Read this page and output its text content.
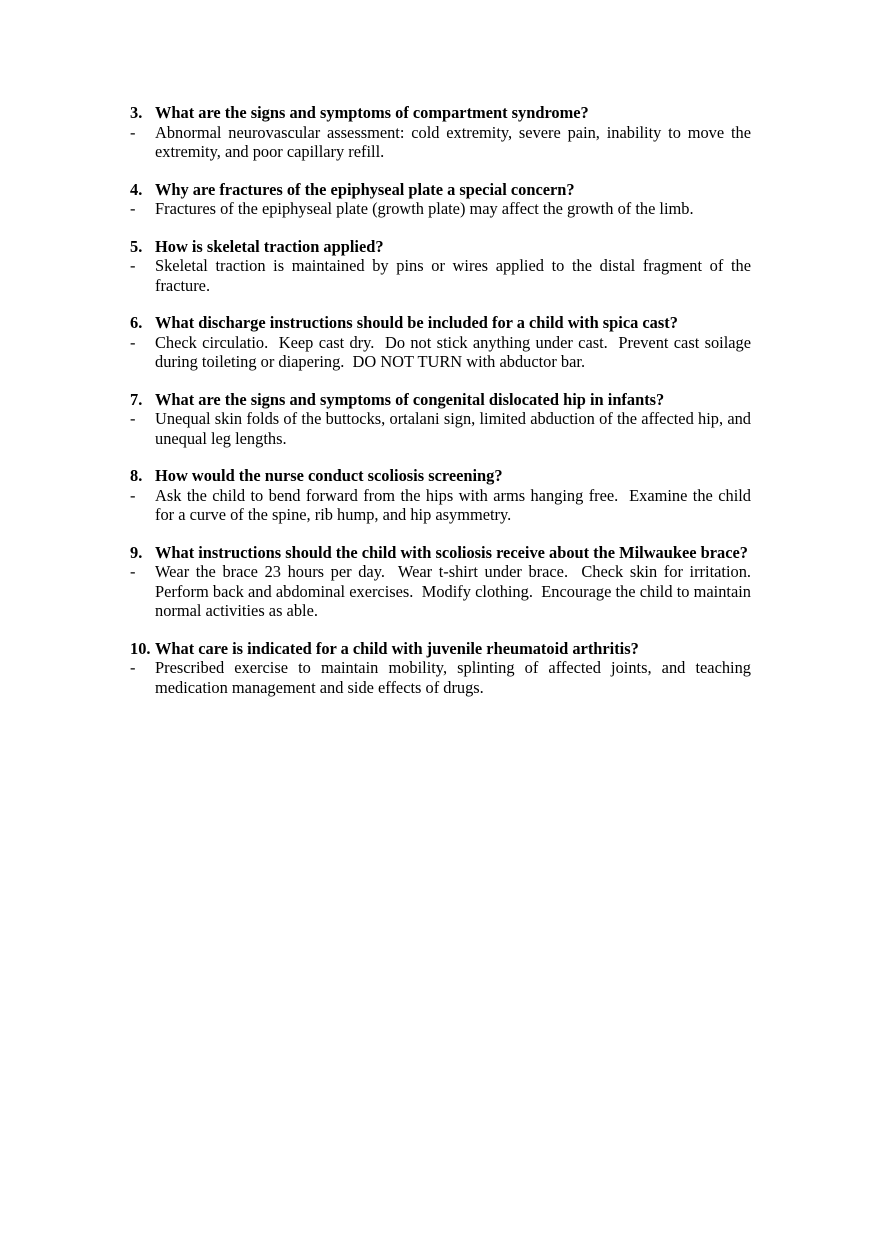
3. What are the signs and symptoms of compartment syndrome?
-	Abnormal neurovascular assessment: cold extremity, severe pain, inability to move the extremity, and poor capillary refill.
4. Why are fractures of the epiphyseal plate a special concern?
-	Fractures of the epiphyseal plate (growth plate) may affect the growth of the limb.
5. How is skeletal traction applied?
-	Skeletal traction is maintained by pins or wires applied to the distal fragment of the fracture.
6. What discharge instructions should be included for a child with spica cast?
-	Check circulatio.  Keep cast dry.  Do not stick anything under cast.  Prevent cast soilage during toileting or diapering.  DO NOT TURN with abductor bar.
7. What are the signs and symptoms of congenital dislocated hip in infants?
-	Unequal skin folds of the buttocks, ortalani sign, limited abduction of the affected hip, and unequal leg lengths.
8. How would the nurse conduct scoliosis screening?
-	Ask the child to bend forward from the hips with arms hanging free.  Examine the child for a curve of the spine, rib hump, and hip asymmetry.
9. What instructions should the child with scoliosis receive about the Milwaukee brace?
-	Wear the brace 23 hours per day.  Wear t-shirt under brace.  Check skin for irritation.  Perform back and abdominal exercises.  Modify clothing.  Encourage the child to maintain normal activities as able.
10. What care is indicated for a child with juvenile rheumatoid arthritis?
-	Prescribed exercise to maintain mobility, splinting of affected joints, and teaching medication management and side effects of drugs.
